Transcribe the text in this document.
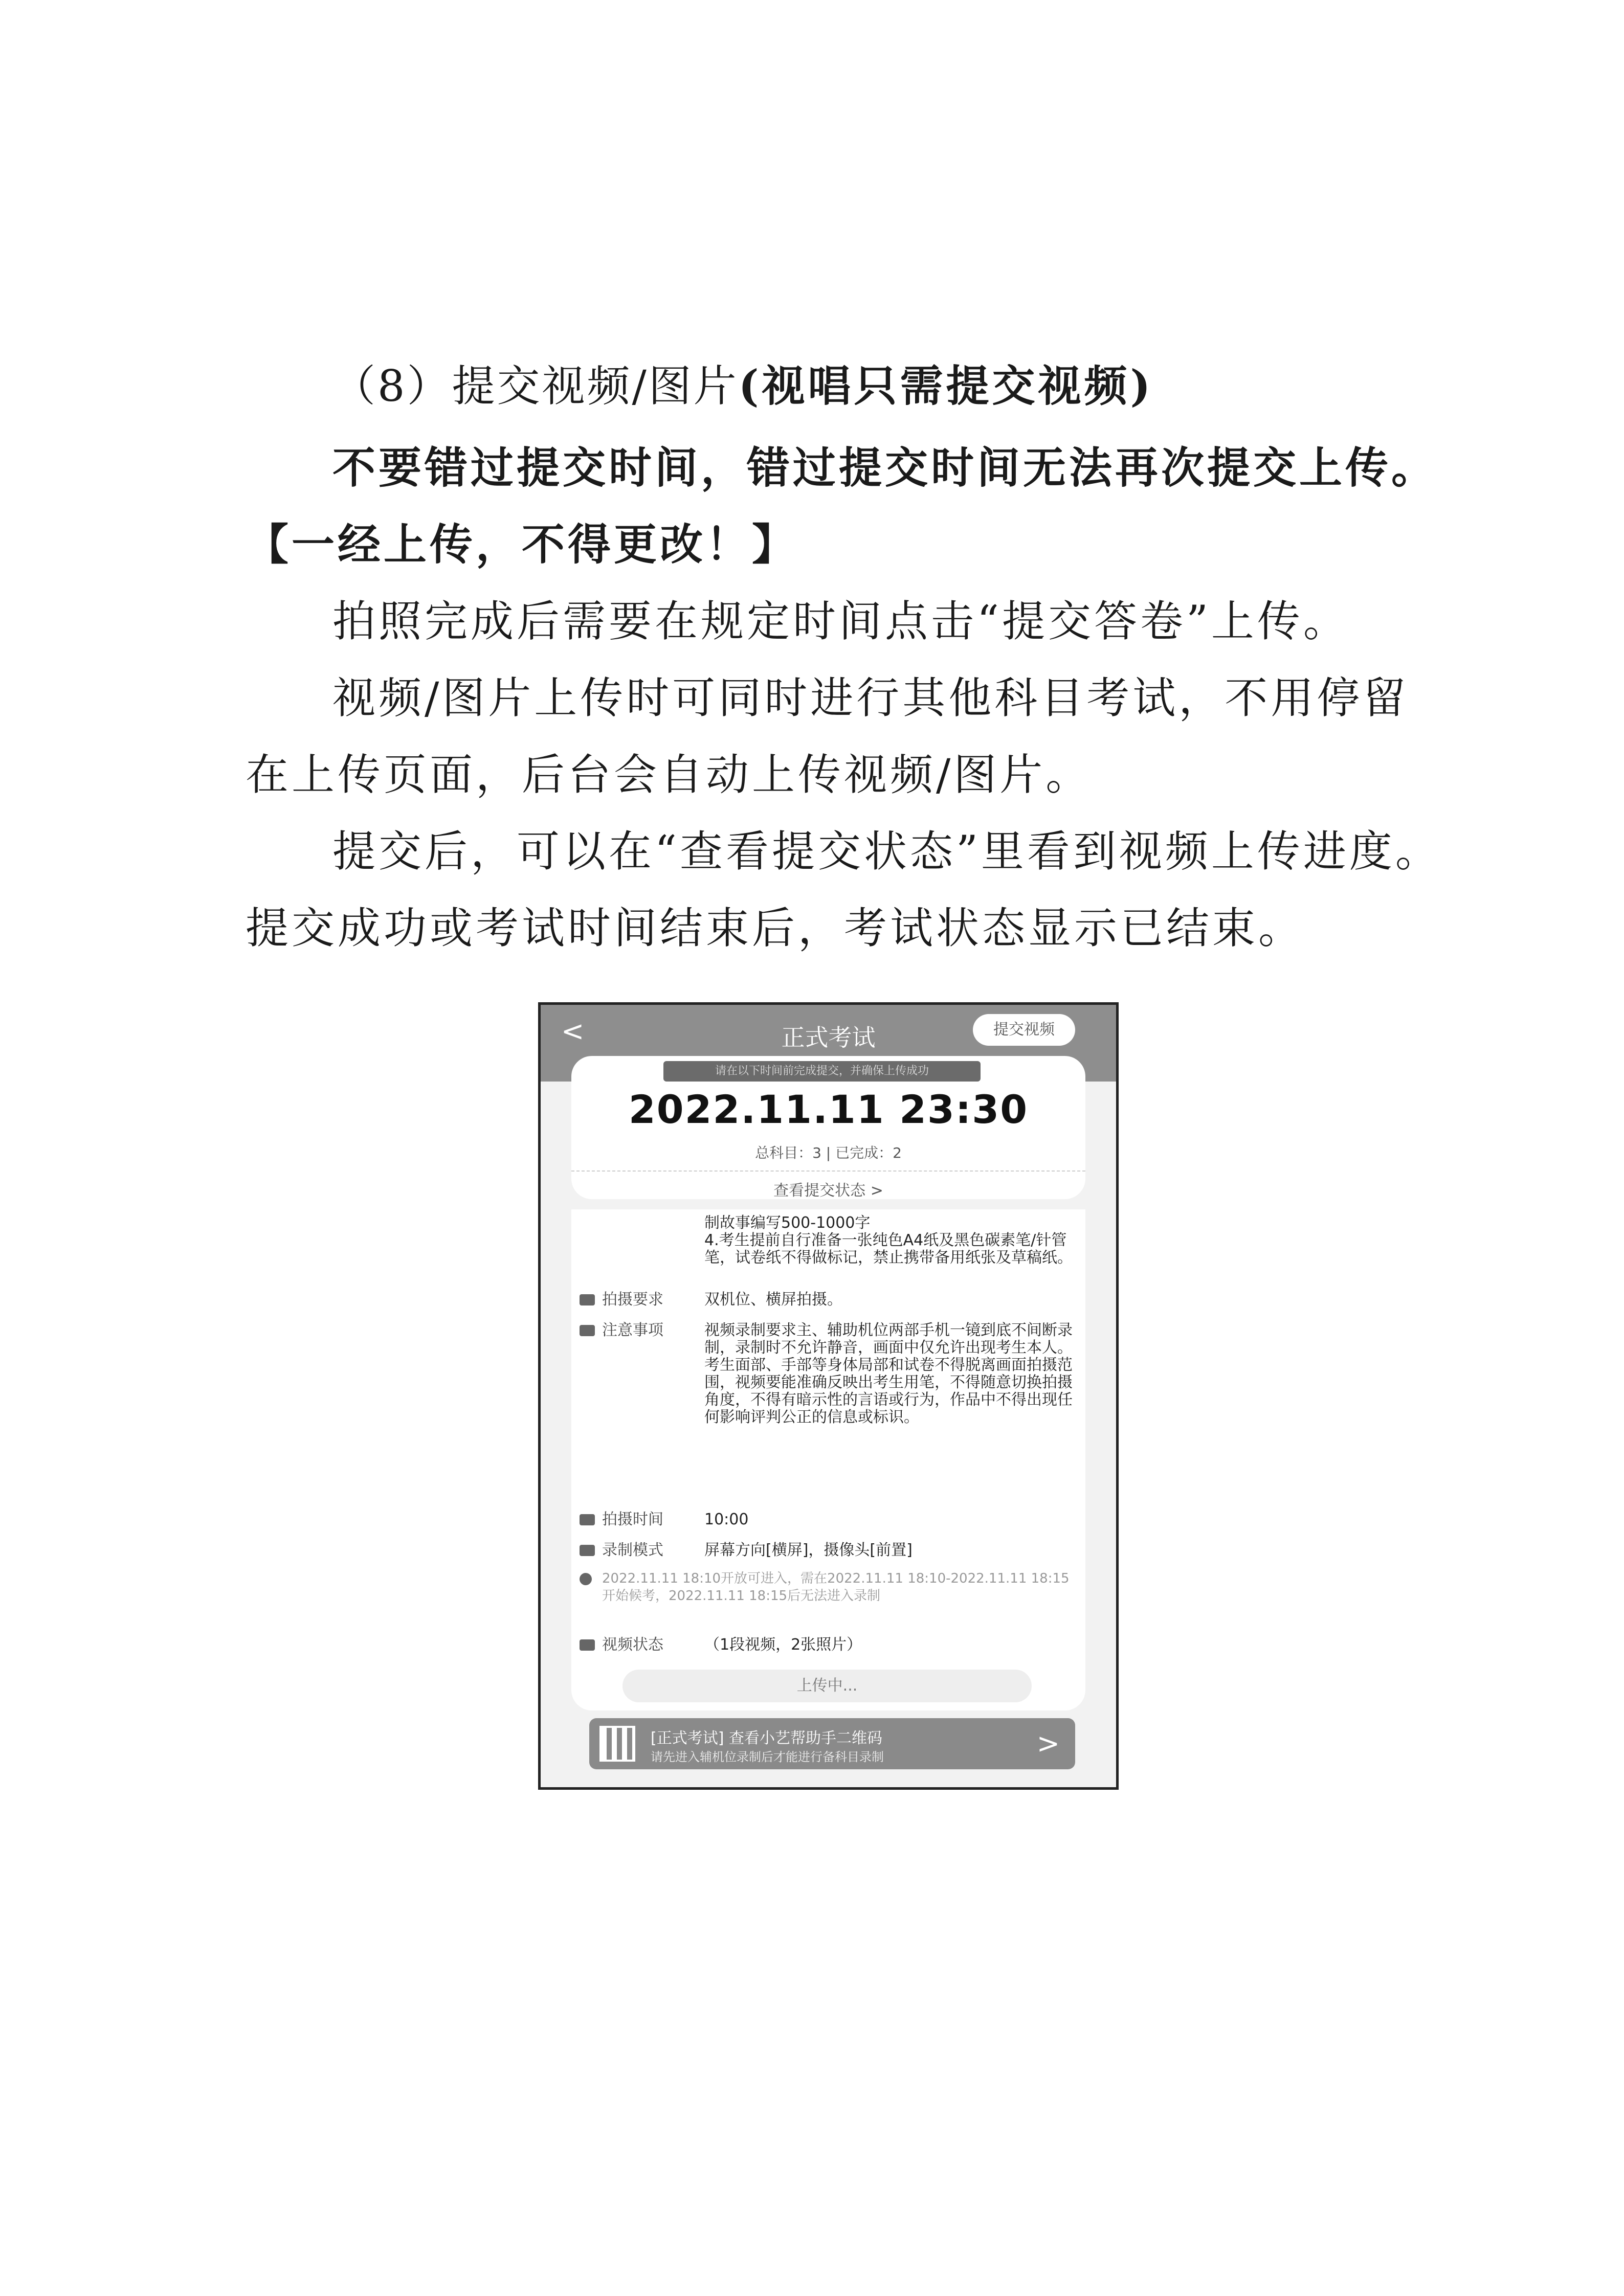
（8）提交视频/图片(视唱只需提交视频)
不要错过提交时间，错过提交时间无法再次提交上传。
【一经上传，不得更改！】
拍照完成后需要在规定时间点击“提交答卷”上传。
视频/图片上传时可同时进行其他科目考试，不用停留
在上传页面，后台会自动上传视频/图片。
提交后，可以在“查看提交状态”里看到视频上传进度。
提交成功或考试时间结束后，考试状态显示已结束。
<	正式考试	提交视频
请在以下时间前完成提交，并确保上传成功
2022.11.11 23:30
总科目：3 | 已完成：2
查看提交状态 >
制故事编写500-1000字
4.考生提前自行准备一张纯色A4纸及黑色碳素笔/针管笔，试卷纸不得做标记，禁止携带备用纸张及草稿纸。
拍摄要求	双机位、横屏拍摄。
注意事项	视频录制要求主、辅助机位两部手机一镜到底不间断录制，录制时不允许静音，画面中仅允许出现考生本人。考生面部、手部等身体局部和试卷不得脱离画面拍摄范围，视频要能准确反映出考生用笔，不得随意切换拍摄角度，不得有暗示性的言语或行为，作品中不得出现任何影响评判公正的信息或标识。
拍摄时间	10:00
录制模式	屏幕方向[横屏]，摄像头[前置]
2022.11.11 18:10开放可进入，需在2022.11.11 18:10-2022.11.11 18:15开始候考，2022.11.11 18:15后无法进入录制
视频状态	（1段视频，2张照片）
上传中...
[正式考试] 查看小艺帮助手二维码
请先进入辅机位录制后才能进行备科目录制	>
